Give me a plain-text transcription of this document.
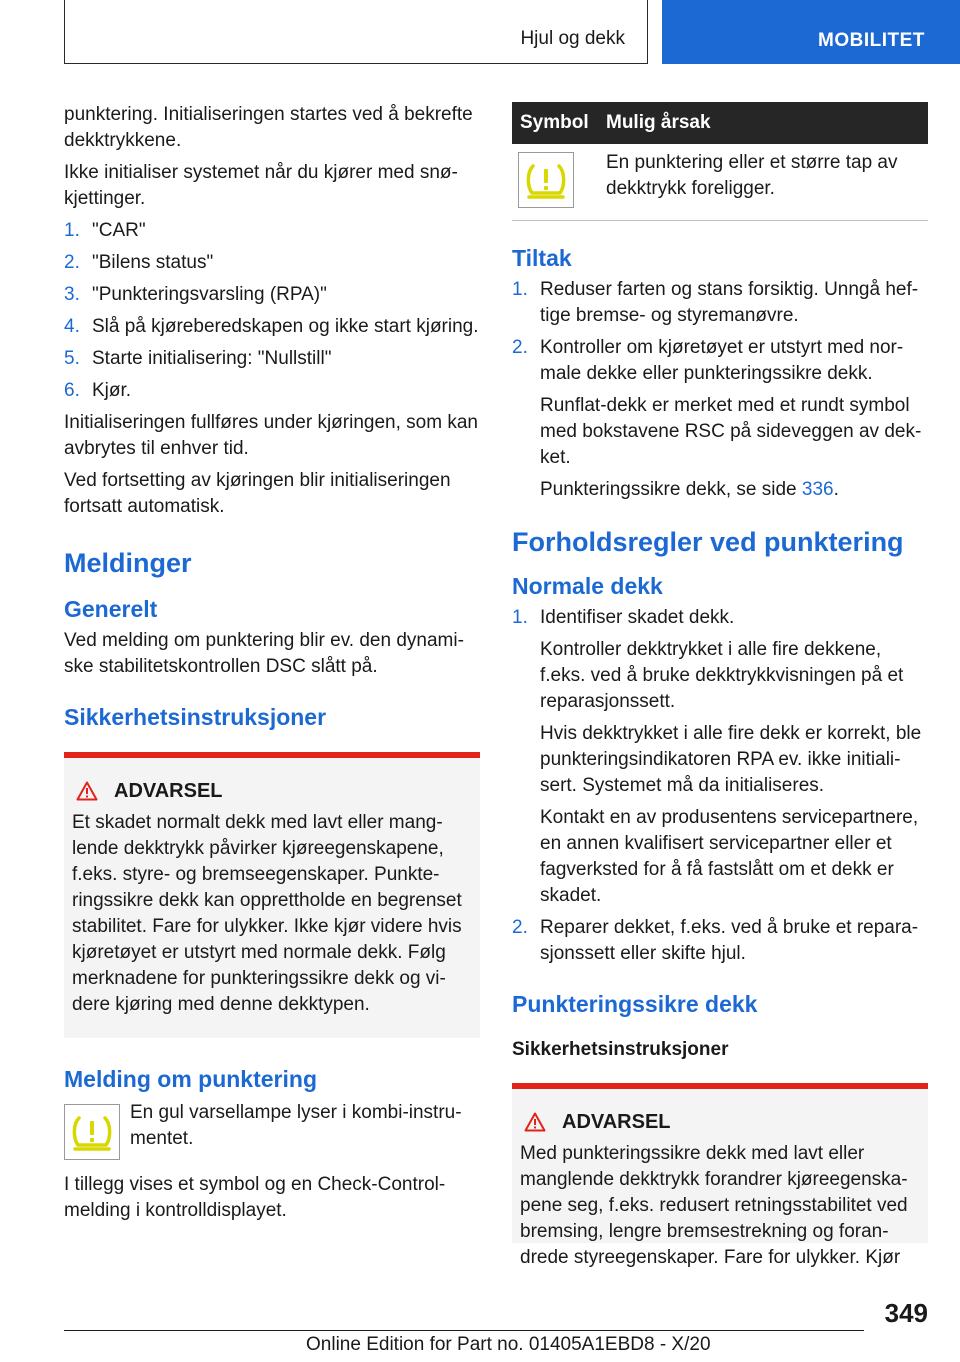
Hjul og dekk	MOBILITET

punktering. Initialiseringen startes ved å bekrefte dekktrykkene.

Ikke initialiser systemet når du kjører med snø-kjettinger.

1. "CAR"
2. "Bilens status"
3. "Punkteringsvarsling (RPA)"
4. Slå på kjøreberedskapen og ikke start kjøring.
5. Starte initialisering: "Nullstill"
6. Kjør.

Initialiseringen fullføres under kjøringen, som kan avbrytes til enhver tid.

Ved fortsetting av kjøringen blir initialiseringen fortsatt automatisk.

Meldinger
Generelt

Ved melding om punktering blir ev. den dynami-ske stabilitetskontrollen DSC slått på.

Sikkerhetsinstruksjoner
ADVARSEL
Et skadet normalt dekk med lavt eller mang-lende dekktrykk påvirker kjøreegenskapene, f.eks. styre- og bremseegenskaper. Punkte-ringssikre dekk kan opprettholde en begrenset stabilitet. Fare for ulykker. Ikke kjør videre hvis kjøretøyet er utstyrt med normale dekk. Følg merknadene for punkteringssikre dekk og vi-dere kjøring med denne dekktypen.
Melding om punktering
En gul varsellampe lyser i kombi-instru-mentet.

I tillegg vises et symbol og en Check-Control-melding i kontrolldisplayet.

Symbol Mulig årsak
En punktering eller et større tap av dekktrykk foreligger.
Tiltak
1. Reduser farten og stans forsiktig. Unngå hef-tige bremse- og styremanøvre.
2. Kontroller om kjøretøyet er utstyrt med nor-male dekke eller punkteringssikre dekk.
Runflat-dekk er merket med et rundt symbol med bokstavene RSC på sideveggen av dek-ket.
Punkteringssikre dekk, se side 336.
Forholdsregler ved punktering
Normale dekk
1. Identifiser skadet dekk.
Kontroller dekktrykket i alle fire dekkene, f.eks. ved å bruke dekktrykkvisningen på et reparasjonssett.
Hvis dekktrykket i alle fire dekk er korrekt, ble punkteringsindikatoren RPA ev. ikke initiali-sert. Systemet må da initialiseres.
Kontakt en av produsentens servicepartnere, en annen kvalifisert servicepartner eller et fagverksted for å få fastslått om et dekk er skadet.
2. Reparer dekket, f.eks. ved å bruke et repara-sjonssett eller skifte hjul.
Punkteringssikre dekk
Sikkerhetsinstruksjoner
ADVARSEL
Med punkteringssikre dekk med lavt eller manglende dekktrykk forandrer kjøreegenska-pene seg, f.eks. redusert retningsstabilitet ved bremsing, lengre bremsestrekning og foran-drede styreegenskaper. Fare for ulykker. Kjør
349
Online Edition for Part no. 01405A1EBD8 - X/20
